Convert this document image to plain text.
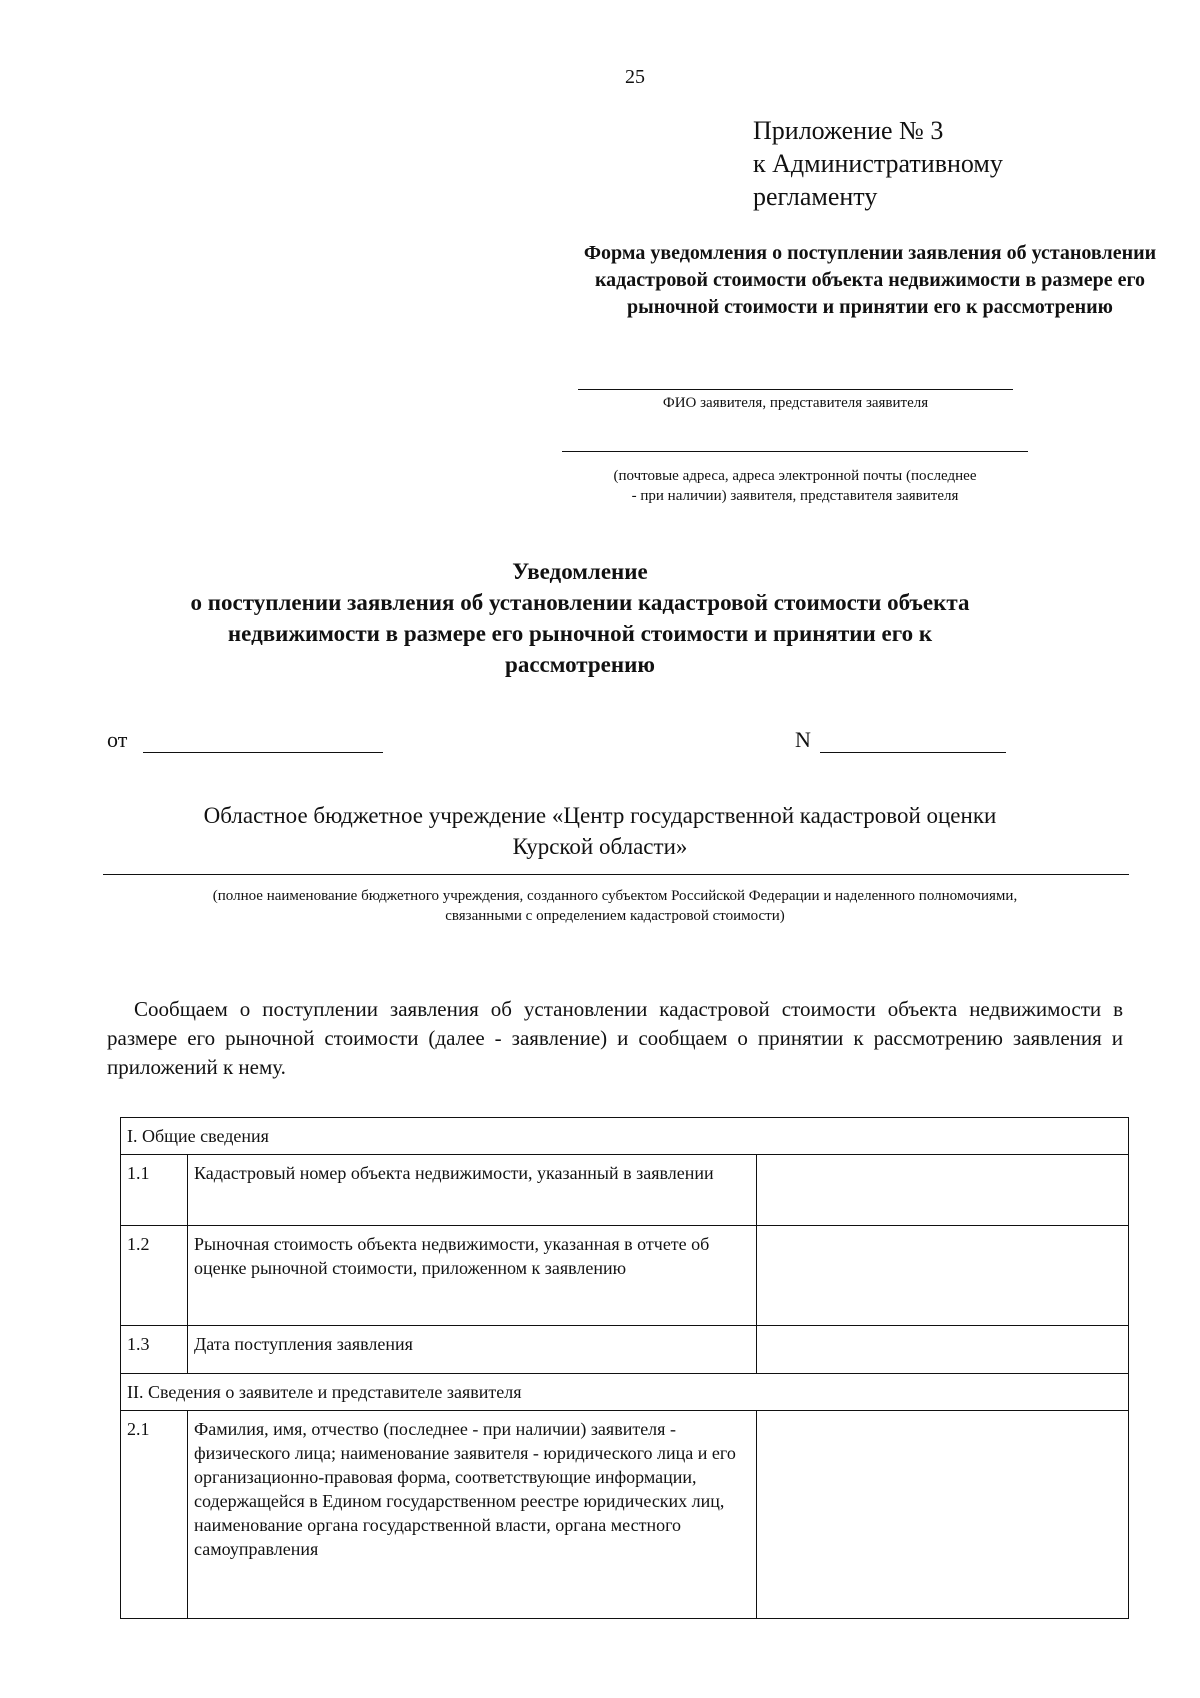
25
Приложение № 3
к Административному
регламенту
Форма уведомления о поступлении заявления об установлении кадастровой стоимости объекта недвижимости в размере его рыночной стоимости и принятии его к рассмотрению
ФИО заявителя, представителя заявителя
(почтовые адреса, адреса электронной почты (последнее
- при наличии) заявителя, представителя заявителя
Уведомление
о поступлении заявления об установлении кадастровой стоимости объекта
недвижимости в размере его рыночной стоимости и принятии его к
рассмотрению
от	N
Областное бюджетное учреждение «Центр государственной кадастровой оценки
Курской области»
(полное наименование бюджетного учреждения, созданного субъектом Российской Федерации и наделенного полномочиями,
связанными с определением кадастровой стоимости)
Сообщаем о поступлении заявления об установлении кадастровой стоимости объекта недвижимости в размере его рыночной стоимости (далее - заявление) и сообщаем о принятии к рассмотрению заявления и приложений к нему.
I. Общие сведения		
1.1	Кадастровый номер объекта недвижимости, указанный в заявлении	
1.2	Рыночная стоимость объекта недвижимости, указанная в отчете об оценке рыночной стоимости, приложенном к заявлению	
1.3	Дата поступления заявления	
II. Сведения о заявителе и представителе заявителя		
2.1	Фамилия, имя, отчество (последнее - при наличии) заявителя - физического лица; наименование заявителя - юридического лица и его организационно-правовая форма, соответствующие информации, содержащейся в Едином государственном реестре юридических лиц, наименование органа государственной власти, органа местного самоуправления	
